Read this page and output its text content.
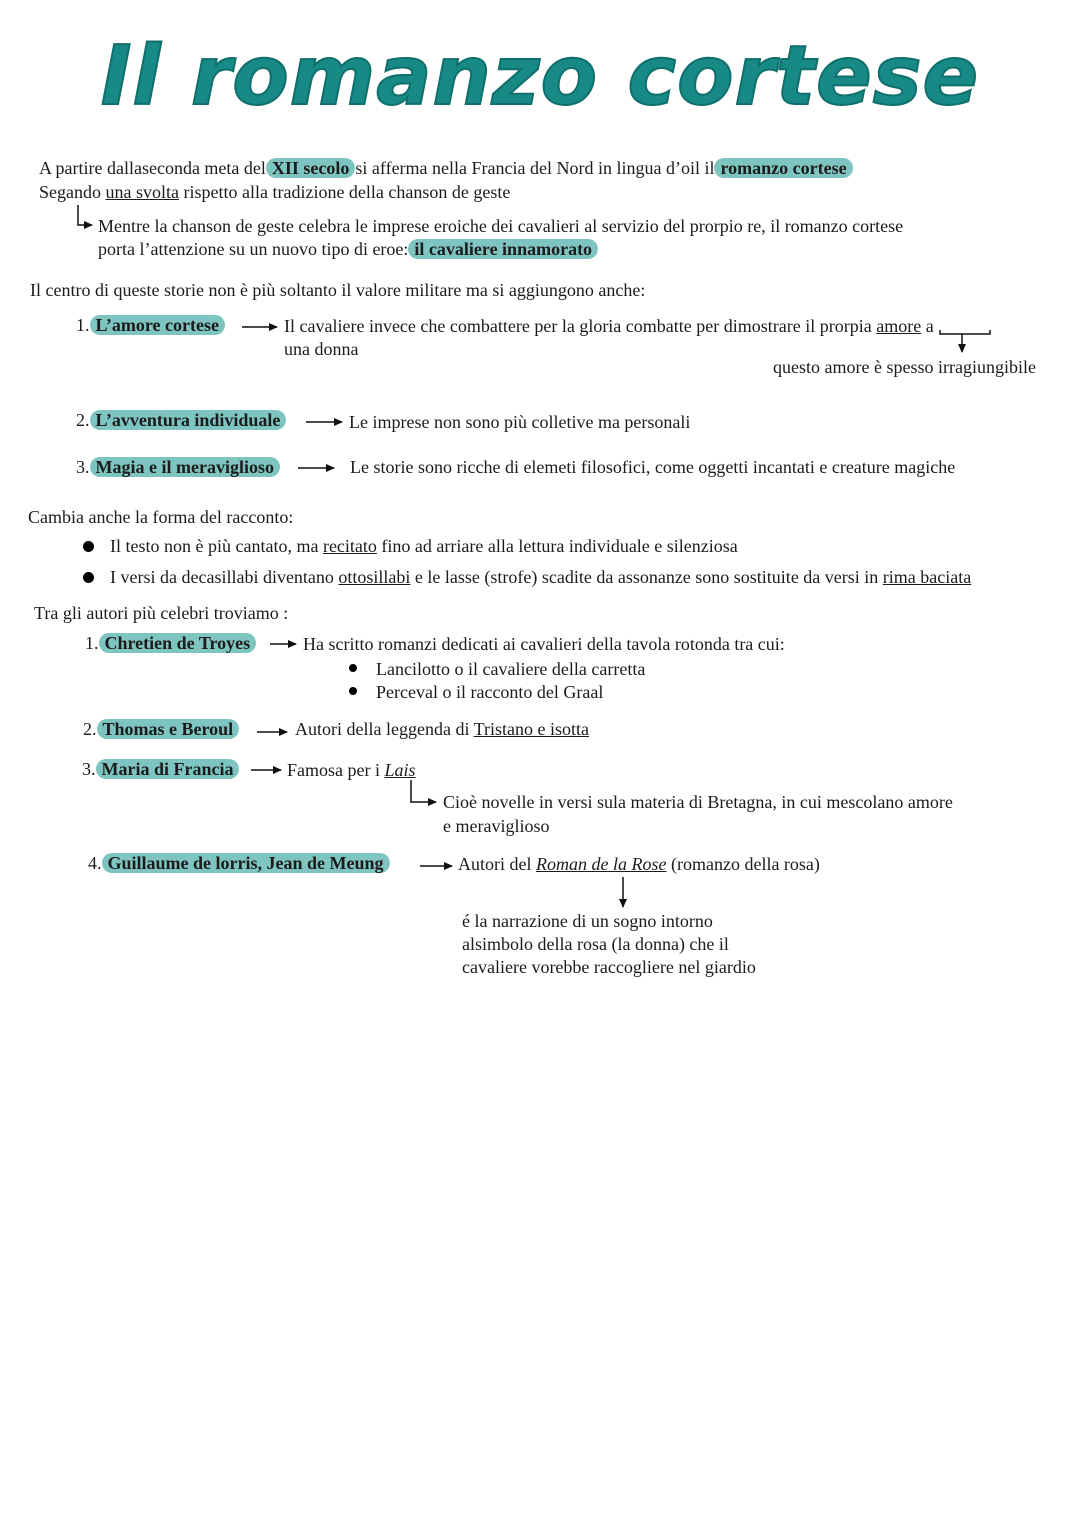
Il romanzo cortese
A partire dallaseconda meta del XII secolo si afferma nella Francia del Nord in lingua d’oil il romanzo cortese
Segando una svolta rispetto alla tradizione della chanson de geste
Mentre la chanson de geste celebra le imprese eroiche dei cavalieri al servizio del prorpio re, il romanzo cortese
porta l’attenzione su un nuovo tipo di eroe: il cavaliere innamorato
Il centro di queste storie non è più soltanto il valore militare ma si aggiungono anche:
1. L’amore cortese	Il cavaliere invece che combattere per la gloria combatte per dimostrare il prorpia amore a
una donna
questo amore è spesso irragiungibile
2. L’avventura individuale	Le imprese non sono più colletive ma personali
3. Magia e il meraviglioso	Le storie sono ricche di elemeti filosofici, come oggetti incantati e creature magiche
Cambia anche la forma del racconto:
Il testo non è più cantato, ma recitato fino ad arriare alla lettura individuale e silenziosa
I versi da decasillabi diventano ottosillabi e le lasse (strofe) scadite da assonanze sono sostituite da versi in rima baciata
Tra gli autori più celebri troviamo :
1. Chretien de Troyes	Ha scritto romanzi dedicati ai cavalieri della tavola rotonda tra cui:
Lancilotto o il cavaliere della carretta
Perceval o il racconto del Graal
2. Thomas e Beroul	Autori della leggenda di Tristano e isotta
3. Maria di Francia	Famosa per i Lais
Cioè novelle in versi sula materia di Bretagna, in cui mescolano amore
e meraviglioso
4. Guillaume de lorris, Jean de Meung	Autori del Roman de la Rose (romanzo della rosa)
é la narrazione di un sogno intorno
alsimbolo della rosa (la donna) che il
cavaliere vorebbe raccogliere nel giardio
